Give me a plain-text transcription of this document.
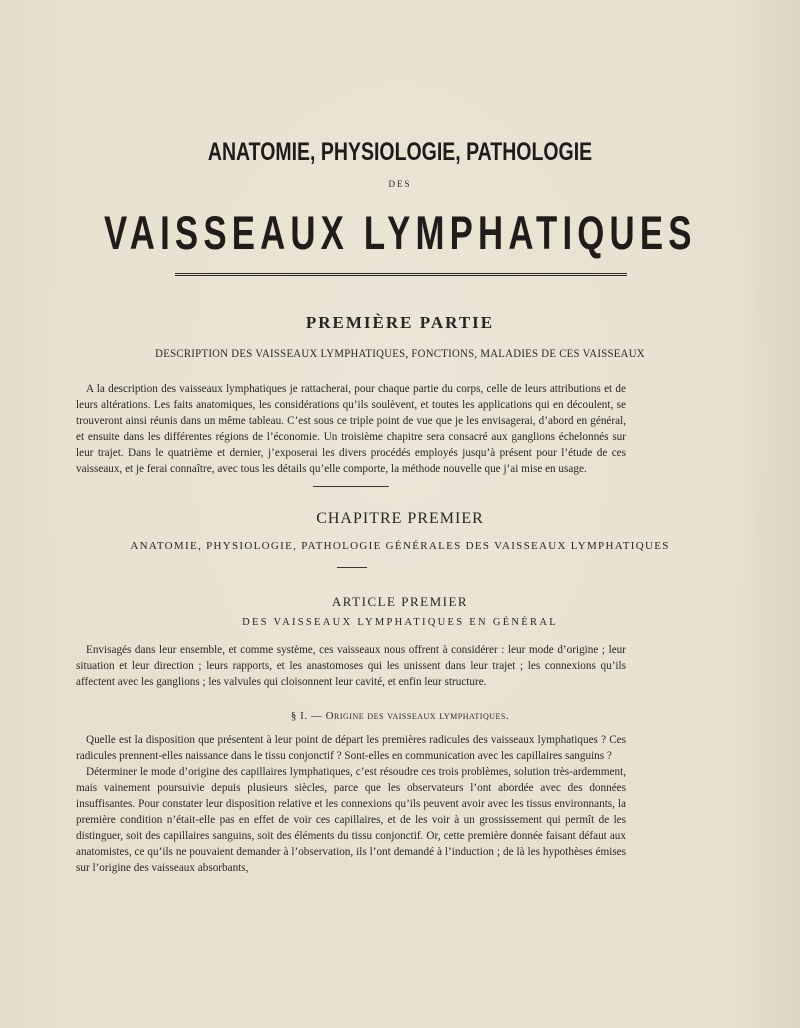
ANATOMIE, PHYSIOLOGIE, PATHOLOGIE
DES
VAISSEAUX LYMPHATIQUES
PREMIÈRE PARTIE
DESCRIPTION DES VAISSEAUX LYMPHATIQUES, FONCTIONS, MALADIES DE CES VAISSEAUX
A la description des vaisseaux lymphatiques je rattacherai, pour chaque partie du corps, celle de leurs attributions et de leurs altérations. Les faits anatomiques, les considérations qu’ils soulèvent, et toutes les applications qui en découlent, se trouveront ainsi réunis dans un même tableau. C’est sous ce triple point de vue que je les envisagerai, d’abord en général, et ensuite dans les différentes régions de l’économie. Un troisième chapitre sera consacré aux ganglions échelonnés sur leur trajet. Dans le quatrième et dernier, j’exposerai les divers procédés employés jusqu’à présent pour l’étude de ces vaisseaux, et je ferai connaître, avec tous les détails qu’elle comporte, la méthode nouvelle que j’ai mise en usage.
CHAPITRE PREMIER
ANATOMIE, PHYSIOLOGIE, PATHOLOGIE GÉNÉRALES DES VAISSEAUX LYMPHATIQUES
ARTICLE PREMIER
DES VAISSEAUX LYMPHATIQUES EN GÉNÉRAL
Envisagés dans leur ensemble, et comme système, ces vaisseaux nous offrent à considérer : leur mode d’origine ; leur situation et leur direction ; leurs rapports, et les anastomoses qui les unissent dans leur trajet ; les connexions qu’ils affectent avec les ganglions ; les valvules qui cloisonnent leur cavité, et enfin leur structure.
§ I. — Origine des vaisseaux lymphatiques.
Quelle est la disposition que présentent à leur point de départ les premières radicules des vaisseaux lymphatiques ? Ces radicules prennent-elles naissance dans le tissu conjonctif ? Sont-elles en communication avec les capillaires sanguins ?
Déterminer le mode d’origine des capillaires lymphatiques, c’est résoudre ces trois problèmes, solution très-ardemment, mais vainement poursuivie depuis plusieurs siècles, parce que les observateurs l’ont abordée avec des données insuffisantes. Pour constater leur disposition relative et les connexions qu’ils peuvent avoir avec les tissus environnants, la première condition n’était-elle pas en effet de voir ces capillaires, et de les voir à un grossissement qui permît de les distinguer, soit des capillaires sanguins, soit des éléments du tissu conjonctif. Or, cette première donnée faisant défaut aux anatomistes, ce qu’ils ne pouvaient demander à l’observation, ils l’ont demandé à l’induction ; de là les hypothèses émises sur l’origine des vaisseaux absorbants,
